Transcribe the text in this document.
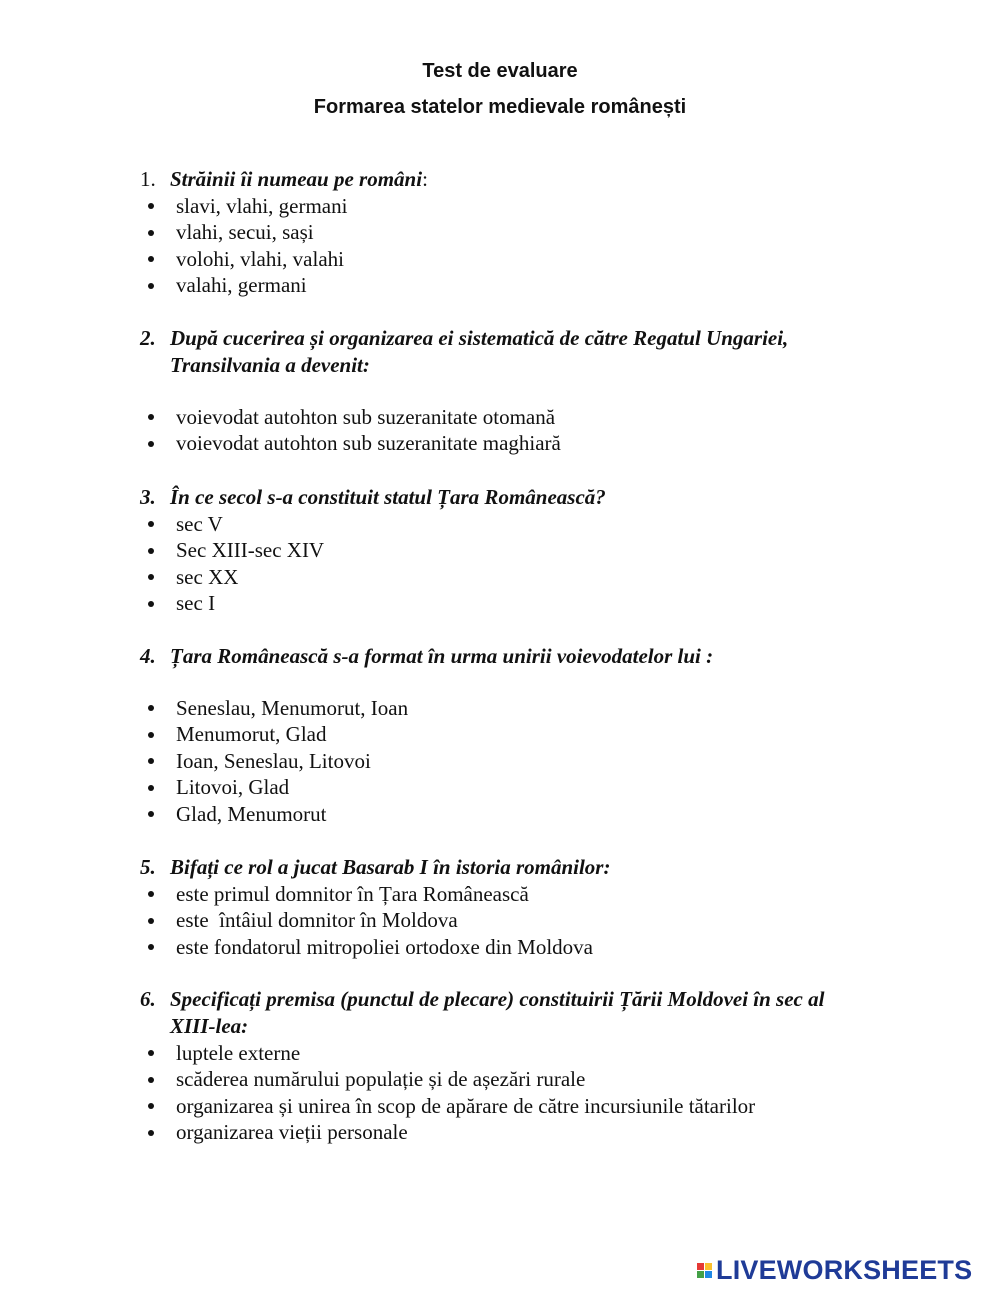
Test de evaluare
Formarea statelor medievale românești
1. Străinii îi numeau pe români:
slavi, vlahi, germani
vlahi, secui, sași
volohi, vlahi, valahi
valahi, germani
2. După cucerirea și organizarea ei sistematică de către Regatul Ungariei, Transilvania a devenit:
voievodat autohton sub suzeranitate otomană
voievodat autohton sub suzeranitate maghiară
3. În ce secol s-a constituit statul Țara Românească?
sec V
Sec XIII-sec XIV
sec XX
sec I
4. Țara Românească s-a format în urma unirii voievodatelor lui :
Seneslau, Menumorut, Ioan
Menumorut, Glad
Ioan, Seneslau, Litovoi
Litovoi, Glad
Glad, Menumorut
5. Bifați ce rol a jucat Basarab I în istoria românilor:
este primul domnitor în Țara Românească
este  întâiul domnitor în Moldova
este fondatorul mitropoliei ortodoxe din Moldova
6. Specificați premisa (punctul de plecare) constituirii Țării Moldovei în sec al XIII-lea:
luptele externe
scăderea numărului populație și de așezări rurale
organizarea și unirea în scop de apărare de către incursiunile tătarilor
organizarea vieții personale
LIVEWORKSHEETS
